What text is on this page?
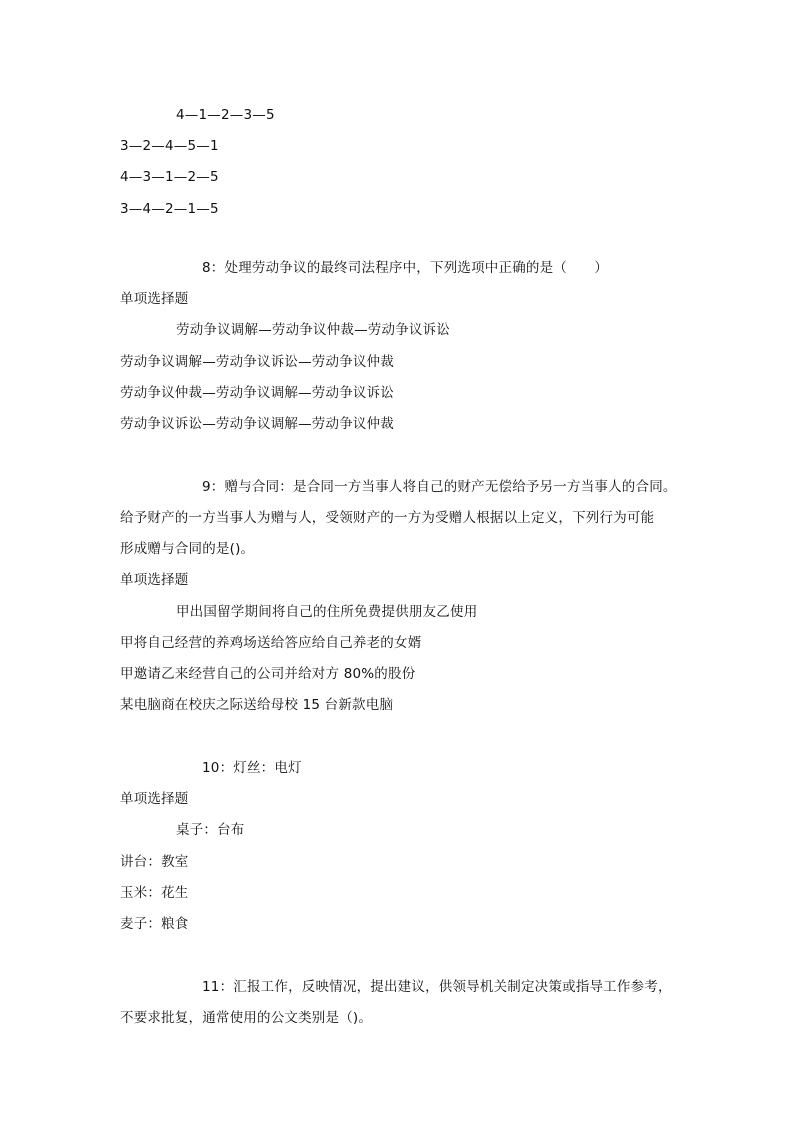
4—1—2—3—5
3—2—4—5—1
4—3—1—2—5
3—4—2—1—5
8：处理劳动争议的最终司法程序中，下列选项中正确的是（　　）
单项选择题
劳动争议调解—劳动争议仲裁—劳动争议诉讼
劳动争议调解—劳动争议诉讼—劳动争议仲裁
劳动争议仲裁—劳动争议调解—劳动争议诉讼
劳动争议诉讼—劳动争议调解—劳动争议仲裁
9：赠与合同：是合同一方当事人将自己的财产无偿给予另一方当事人的合同。
给予财产的一方当事人为赠与人，受领财产的一方为受赠人根据以上定义，下列行为可能
形成赠与合同的是()。
单项选择题
甲出国留学期间将自己的住所免费提供朋友乙使用
甲将自己经营的养鸡场送给答应给自己养老的女婿
甲邀请乙来经营自己的公司并给对方 80%的股份
某电脑商在校庆之际送给母校 15 台新款电脑
10：灯丝：电灯
单项选择题
桌子：台布
讲台：教室
玉米：花生
麦子：粮食
11：汇报工作，反映情况，提出建议，供领导机关制定决策或指导工作参考，
不要求批复，通常使用的公文类别是（)。
